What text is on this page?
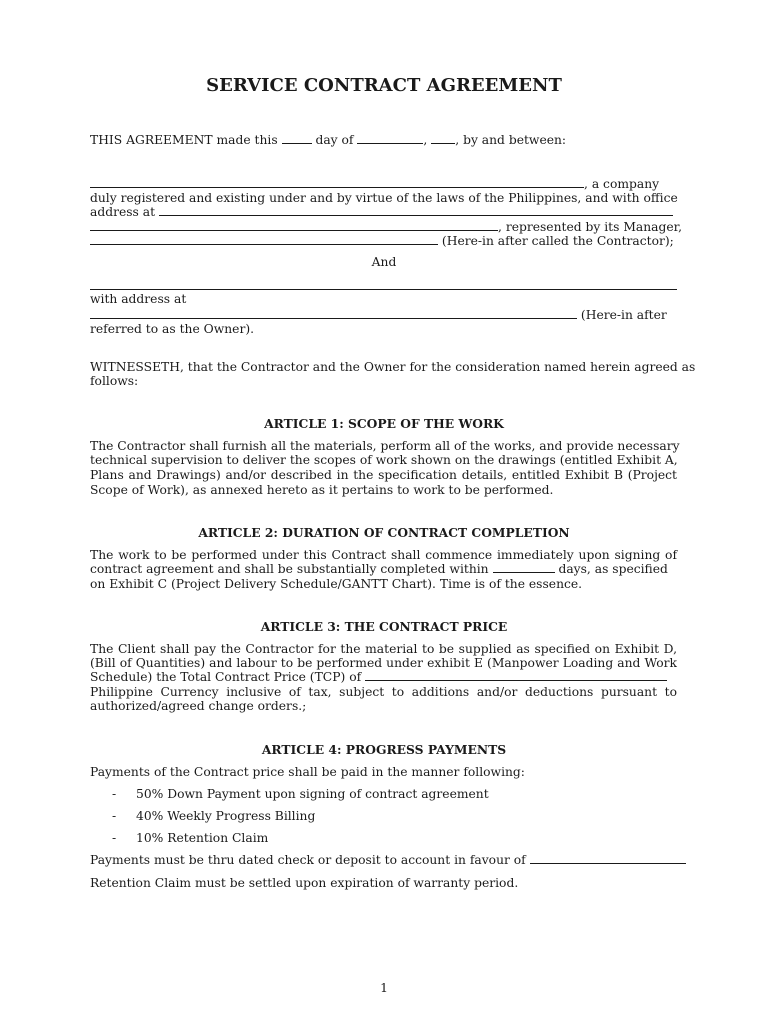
SERVICE CONTRACT AGREEMENT
THIS AGREEMENT made this	day of	, , by and between:
, a company
duly registered and existing under and by virtue of the laws of the Philippines, and with office
address at
, represented by its Manager,
(Here-in after called the Contractor);
And
with address at
(Here-in after
referred to as the Owner).
WITNESSETH, that the Contractor and the Owner for the consideration named herein agreed as
follows:
ARTICLE 1: SCOPE OF THE WORK
The Contractor shall furnish all the materials, perform all of the works, and provide necessary
technical supervision to deliver the scopes of work shown on the drawings (entitled Exhibit A,
Plans and Drawings) and/or described in the specification details, entitled Exhibit B (Project
Scope of Work), as annexed hereto as it pertains to work to be performed.
ARTICLE 2: DURATION OF CONTRACT COMPLETION
The work to be performed under this Contract shall commence immediately upon signing of
contract agreement and shall be substantially completed within	days, as specified
on Exhibit C (Project Delivery Schedule/GANTT Chart). Time is of the essence.
ARTICLE 3: THE CONTRACT PRICE
The Client shall pay the Contractor for the material to be supplied as specified on Exhibit D,
(Bill of Quantities) and labour to be performed under exhibit E (Manpower Loading and Work
Schedule) the Total Contract Price (TCP) of
Philippine Currency inclusive of tax, subject to additions and/or deductions pursuant to
authorized/agreed change orders.;
ARTICLE 4: PROGRESS PAYMENTS
Payments of the Contract price shall be paid in the manner following:
- 50% Down Payment upon signing of contract agreement
- 40% Weekly Progress Billing
- 10% Retention Claim
Payments must be thru dated check or deposit to account in favour of
Retention Claim must be settled upon expiration of warranty period.
1
